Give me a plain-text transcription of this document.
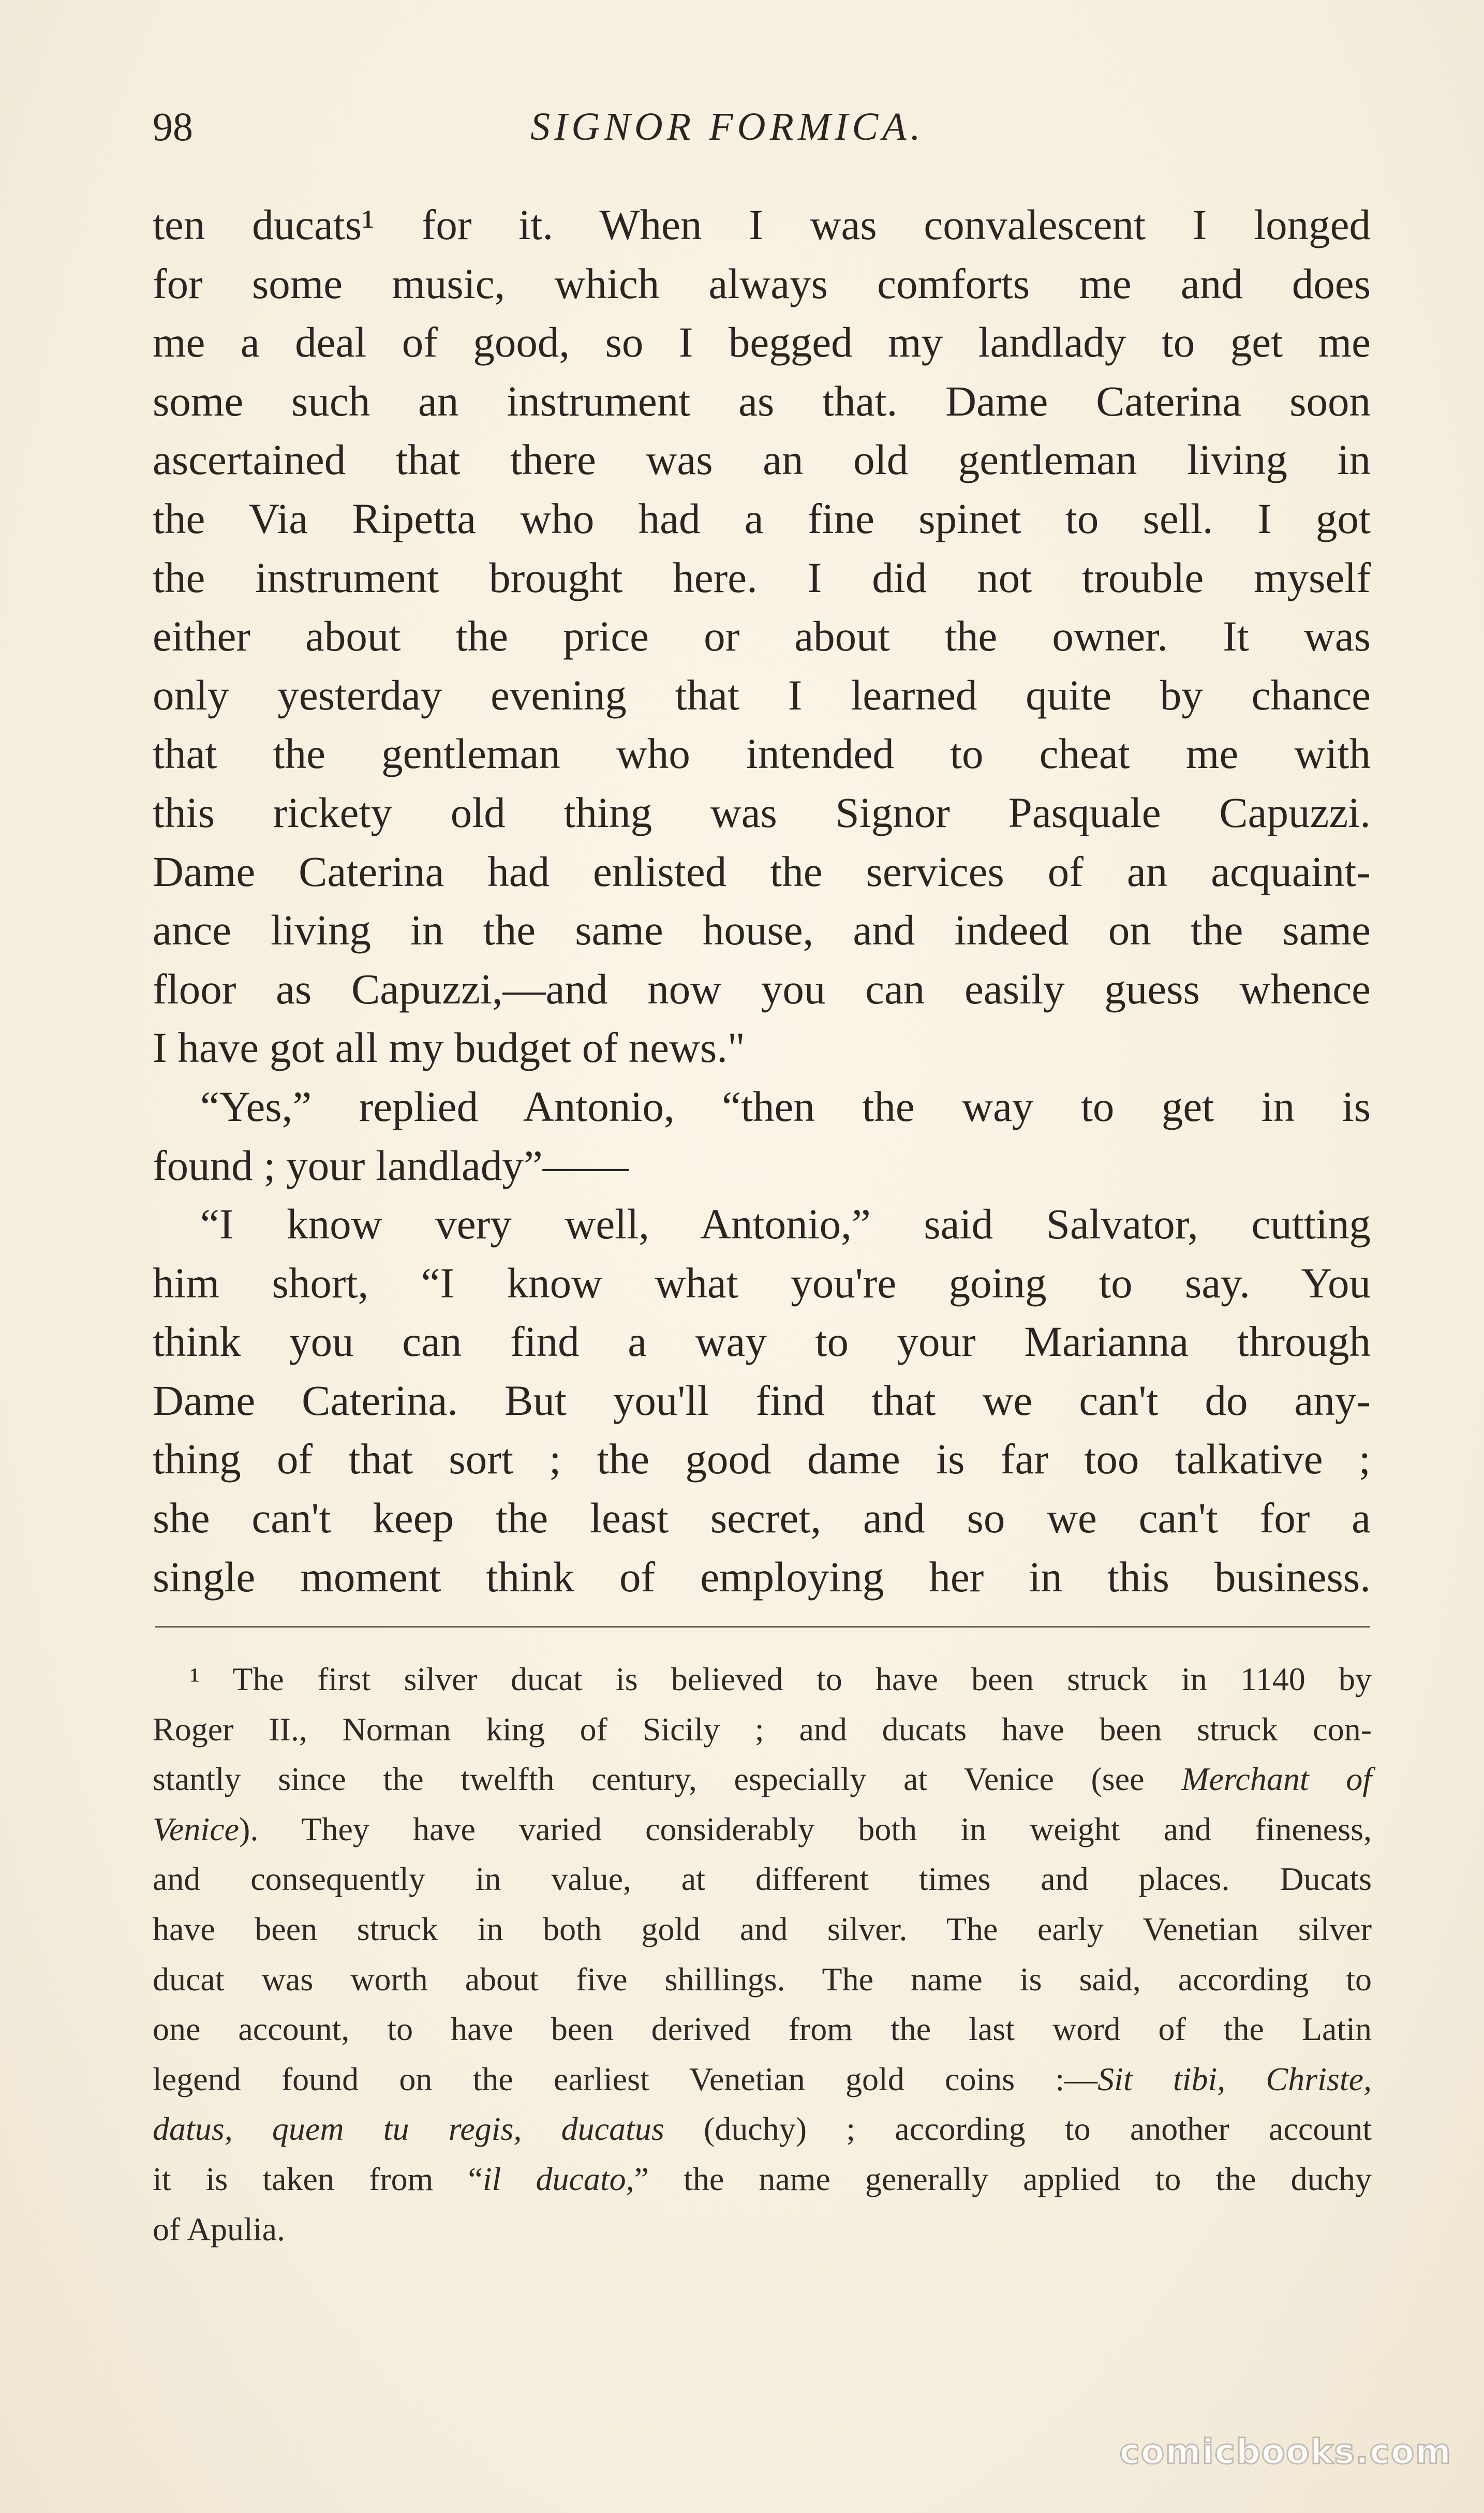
98	SIGNOR FORMICA.
ten ducats¹ for it. When I was convalescent I longed
for some music, which always comforts me and does
me a deal of good, so I begged my landlady to get me
some such an instrument as that. Dame Caterina soon
ascertained that there was an old gentleman living in
the Via Ripetta who had a fine spinet to sell. I got
the instrument brought here. I did not trouble myself
either about the price or about the owner. It was
only yesterday evening that I learned quite by chance
that the gentleman who intended to cheat me with
this rickety old thing was Signor Pasquale Capuzzi.
Dame Caterina had enlisted the services of an acquaint-
ance living in the same house, and indeed on the same
floor as Capuzzi,—and now you can easily guess whence
I have got all my budget of news."
“Yes,” replied Antonio, “then the way to get in is
found ; your landlady”——
“I know very well, Antonio,” said Salvator, cutting
him short, “I know what you're going to say. You
think you can find a way to your Marianna through
Dame Caterina. But you'll find that we can't do any-
thing of that sort ; the good dame is far too talkative ;
she can't keep the least secret, and so we can't for a
single moment think of employing her in this business.
¹ The first silver ducat is believed to have been struck in 1140 by
Roger II., Norman king of Sicily ; and ducats have been struck con-
stantly since the twelfth century, especially at Venice (see Merchant of
Venice). They have varied considerably both in weight and fineness,
and consequently in value, at different times and places. Ducats
have been struck in both gold and silver. The early Venetian silver
ducat was worth about five shillings. The name is said, according to
one account, to have been derived from the last word of the Latin
legend found on the earliest Venetian gold coins :—Sit tibi, Christe,
datus, quem tu regis, ducatus (duchy) ; according to another account
it is taken from “il ducato,” the name generally applied to the duchy
of Apulia.
comicbooks.com
